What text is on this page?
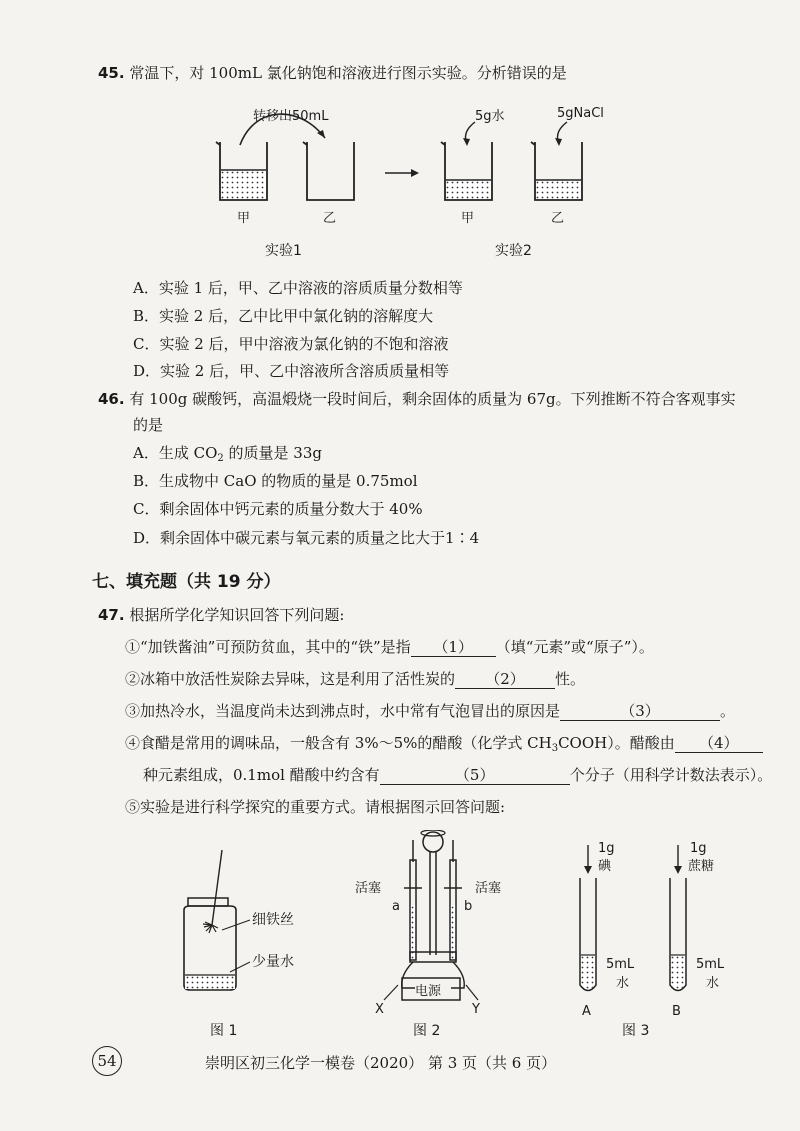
45. 常温下，对 100mL 氯化钠饱和溶液进行图示实验。分析错误的是
转移出50mL
甲	乙	甲
5g水
乙
5gNaCl
实验1	实验2
A．实验 1 后，甲、乙中溶液的溶质质量分数相等
B．实验 2 后，乙中比甲中氯化钠的溶解度大
C．实验 2 后，甲中溶液为氯化钠的不饱和溶液
D．实验 2 后，甲、乙中溶液所含溶质质量相等
46. 有 100g 碳酸钙，高温煅烧一段时间后，剩余固体的质量为 67g。下列推断不符合客观事实
的是
A．生成 $CO_2$ 的质量是 33g
B．生成物中 CaO 的物质的量是 0.75mol
C．剩余固体中钙元素的质量分数大于 40%
D．剩余固体中碳元素与氧元素的质量之比大于1∶4
七、填充题（共 19 分）
47. 根据所学化学知识回答下列问题:
①“加铁酱油”可预防贫血，其中的“铁”是指 （1） （填“元素”或“原子”）。
②冰箱中放活性炭除去异味，这是利用了活性炭的 （2） 性。
③加热冷水，当温度尚未达到沸点时，水中常有气泡冒出的原因是	（3）	。
④食醋是常用的调味品，一般含有 3%～5%的醋酸（化学式 $CH_3COOH$）。醋酸由 （4）
种元素组成，0.1mol 醋酸中约含有	（5）	个分子（用科学计数法表示）。
⑤实验是进行科学探究的重要方式。请根据图示回答问题:
细铁丝
少量水
图 1
活塞	活塞
a	b
电源
X	Y
图 2
1g
碘
5mL
水
A
1g
蔗糖
5mL
水
B
图 3
54	崇明区初三化学一模卷（2020） 第 3 页（共 6 页）
